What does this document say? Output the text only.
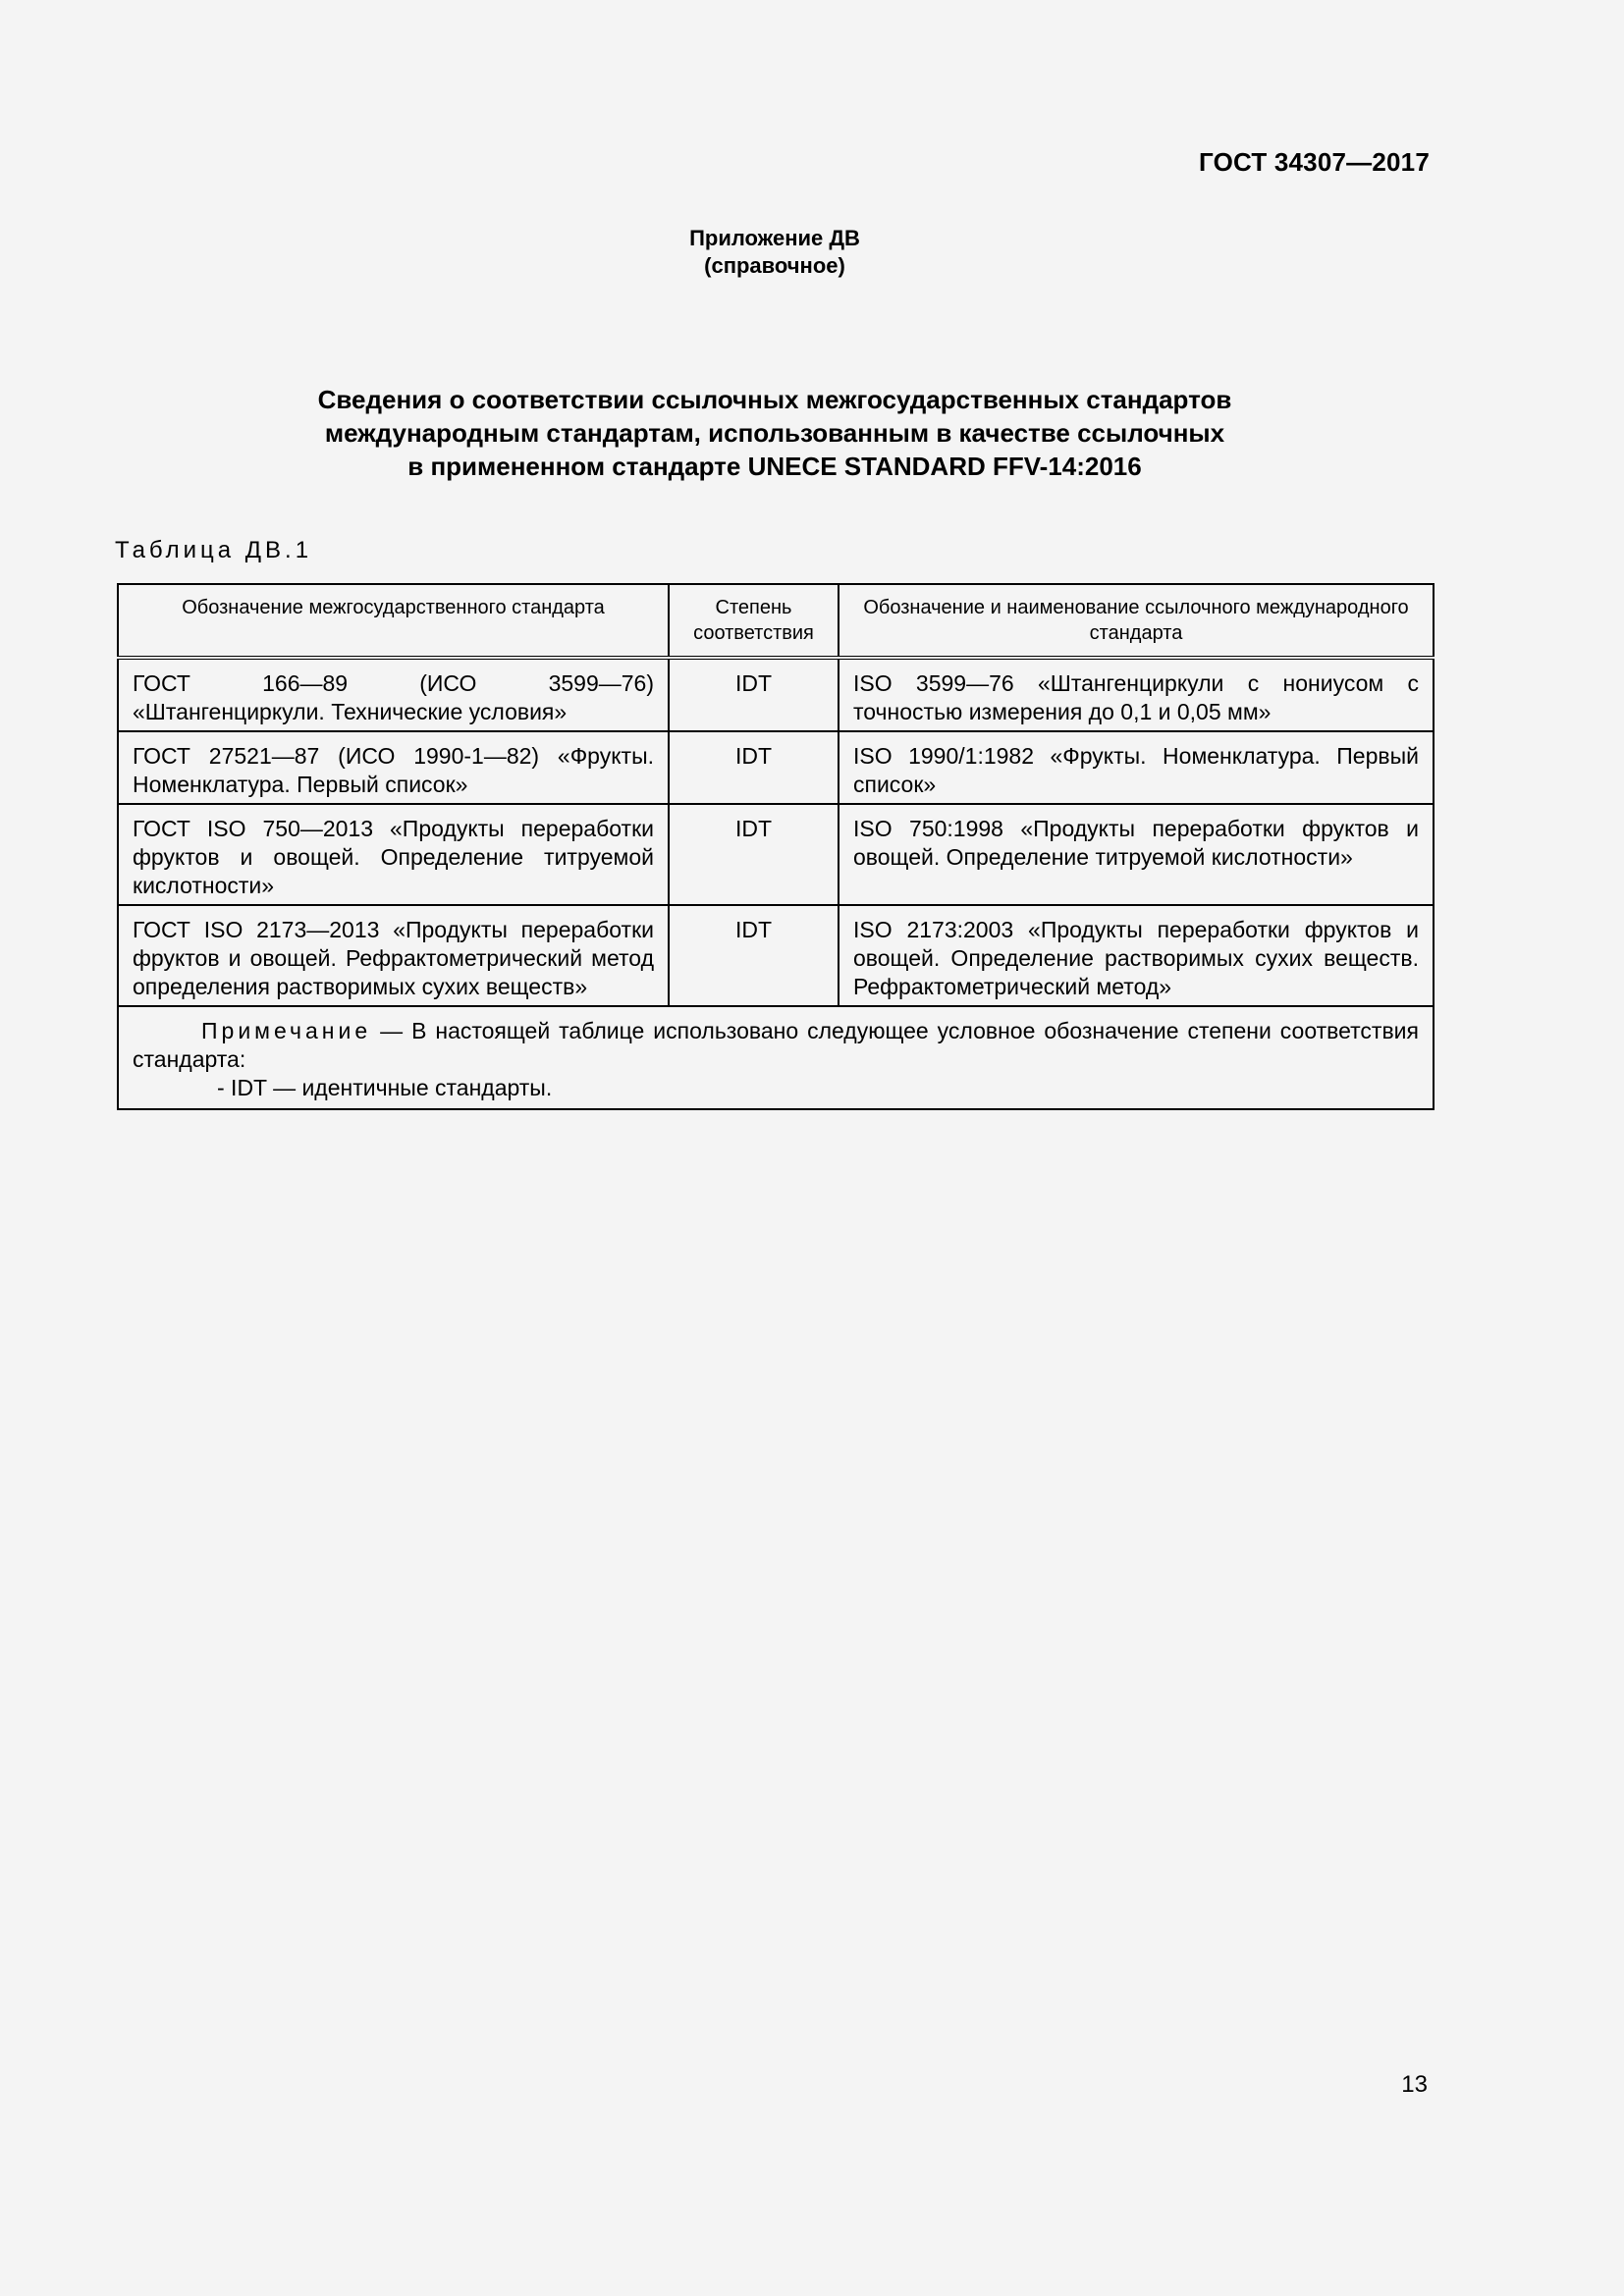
ГОСТ 34307—2017
Приложение ДВ
(справочное)
Сведения о соответствии ссылочных межгосударственных стандартов
международным стандартам, использованным в качестве ссылочных
в примененном стандарте UNECE STANDARD FFV-14:2016
Таблица ДВ.1
Обозначение межгосударственного стандарта	Степень соответствия	Обозначение и наименование ссылочного международного стандарта
ГОСТ 166—89 (ИСО 3599—76) «Штангенциркули. Технические условия»	IDT	ISO 3599—76 «Штангенциркули с нониусом с точностью измерения до 0,1 и 0,05 мм»
ГОСТ 27521—87 (ИСО 1990-1—82) «Фрукты. Номенклатура. Первый список»	IDT	ISO 1990/1:1982 «Фрукты. Номенклатура. Первый список»
ГОСТ ISO 750—2013 «Продукты переработки фруктов и овощей. Определение титруемой кислотности»	IDT	ISO 750:1998 «Продукты переработки фруктов и овощей. Определение титруемой кислотности»
ГОСТ ISO 2173—2013 «Продукты переработки фруктов и овощей. Рефрактометрический метод определения растворимых сухих веществ»	IDT	ISO 2173:2003 «Продукты переработки фруктов и овощей. Определение растворимых сухих веществ. Рефрактометрический метод»

Примечание — В настоящей таблице использовано следующее условное обозначение степени соответствия стандарта:
- IDT — идентичные стандарты.		
13
